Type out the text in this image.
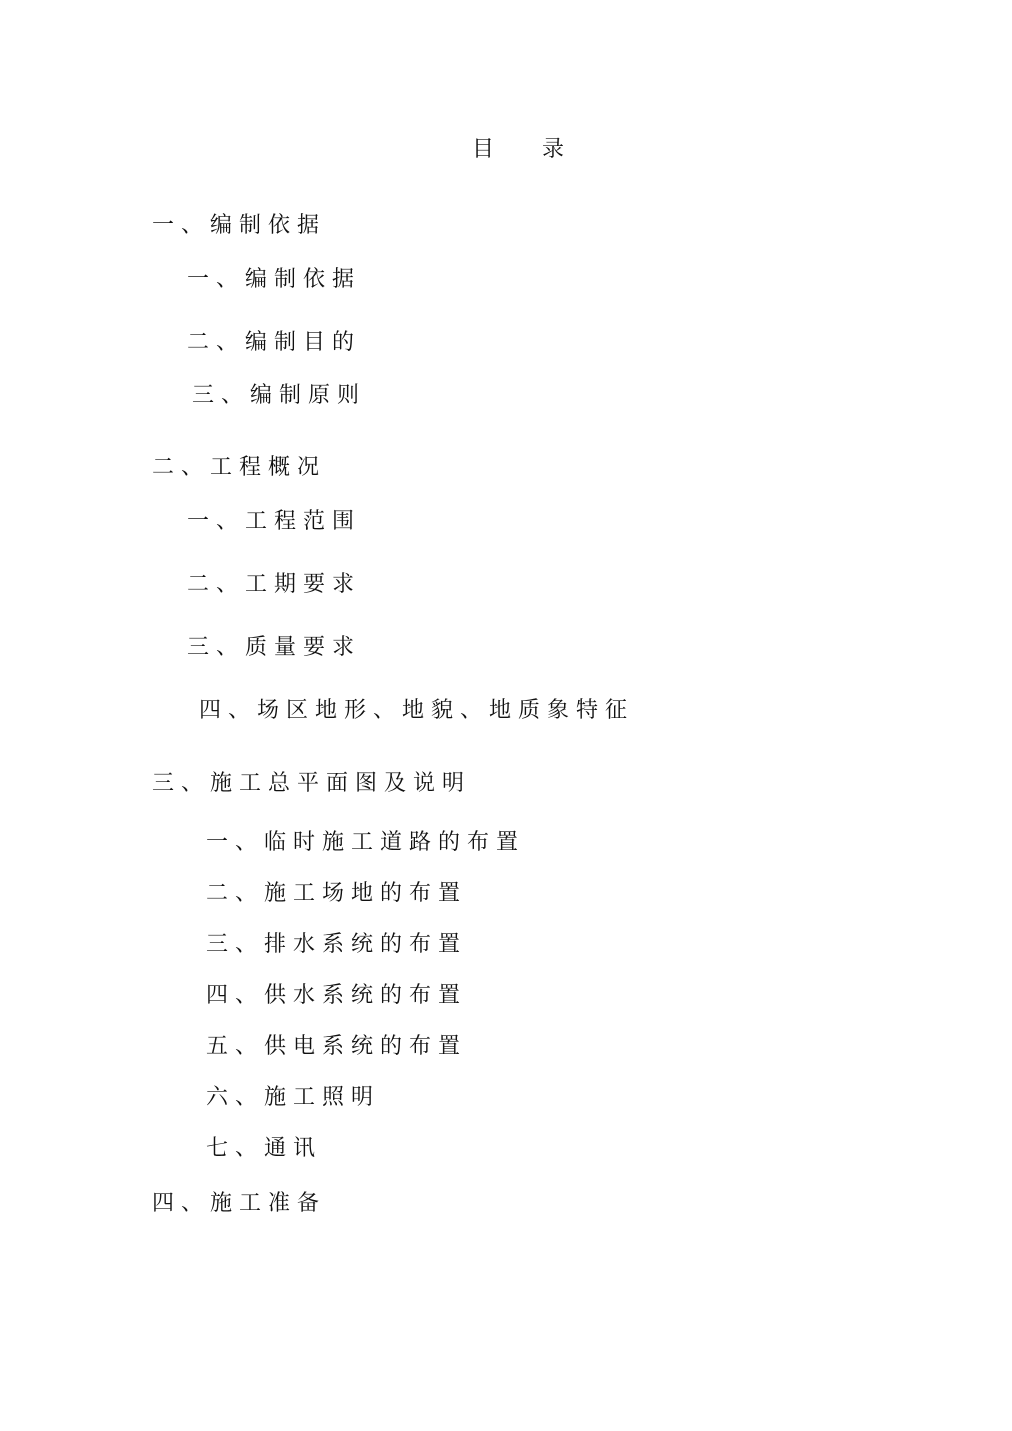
目录
一、编制依据
一、编制依据
二、编制目的
三、编制原则
二、工程概况
一、工程范围
二、工期要求
三、质量要求
四、场区地形、地貌、地质象特征
三、施工总平面图及说明
一、临时施工道路的布置
二、施工场地的布置
三、排水系统的布置
四、供水系统的布置
五、供电系统的布置
六、施工照明
七、通讯
四、施工准备
